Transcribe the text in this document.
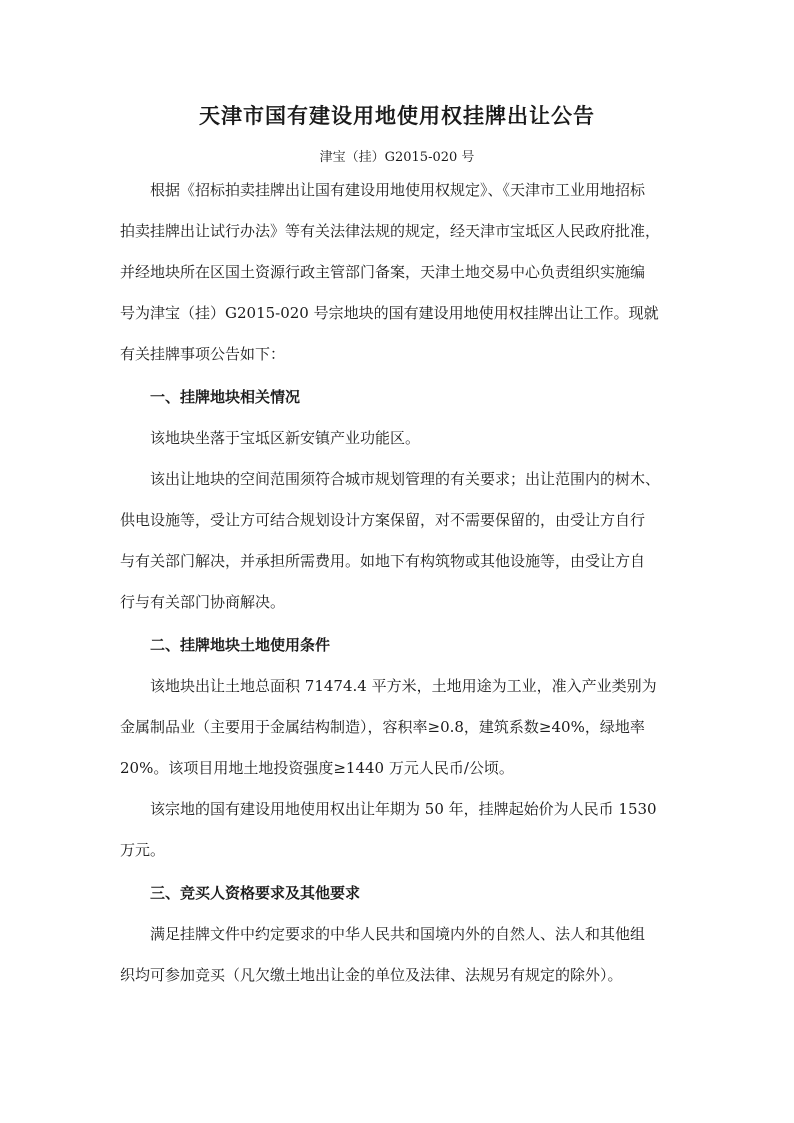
天津市国有建设用地使用权挂牌出让公告
津宝（挂）G2015-020 号
根据《招标拍卖挂牌出让国有建设用地使用权规定》、《天津市工业用地招标
拍卖挂牌出让试行办法》等有关法律法规的规定，经天津市宝坻区人民政府批准，
并经地块所在区国土资源行政主管部门备案，天津土地交易中心负责组织实施编
号为津宝（挂）G2015-020 号宗地块的国有建设用地使用权挂牌出让工作。现就
有关挂牌事项公告如下：
一、挂牌地块相关情况
该地块坐落于宝坻区新安镇产业功能区。
该出让地块的空间范围须符合城市规划管理的有关要求；出让范围内的树木、
供电设施等，受让方可结合规划设计方案保留，对不需要保留的，由受让方自行
与有关部门解决，并承担所需费用。如地下有构筑物或其他设施等，由受让方自
行与有关部门协商解决。
二、挂牌地块土地使用条件
该地块出让土地总面积 71474.4 平方米，土地用途为工业，准入产业类别为
金属制品业（主要用于金属结构制造），容积率≥0.8，建筑系数≥40%，绿地率
20%。该项目用地土地投资强度≥1440 万元人民币/公顷。
该宗地的国有建设用地使用权出让年期为 50 年，挂牌起始价为人民币 1530
万元。
三、竞买人资格要求及其他要求
满足挂牌文件中约定要求的中华人民共和国境内外的自然人、法人和其他组
织均可参加竞买（凡欠缴土地出让金的单位及法律、法规另有规定的除外）。
